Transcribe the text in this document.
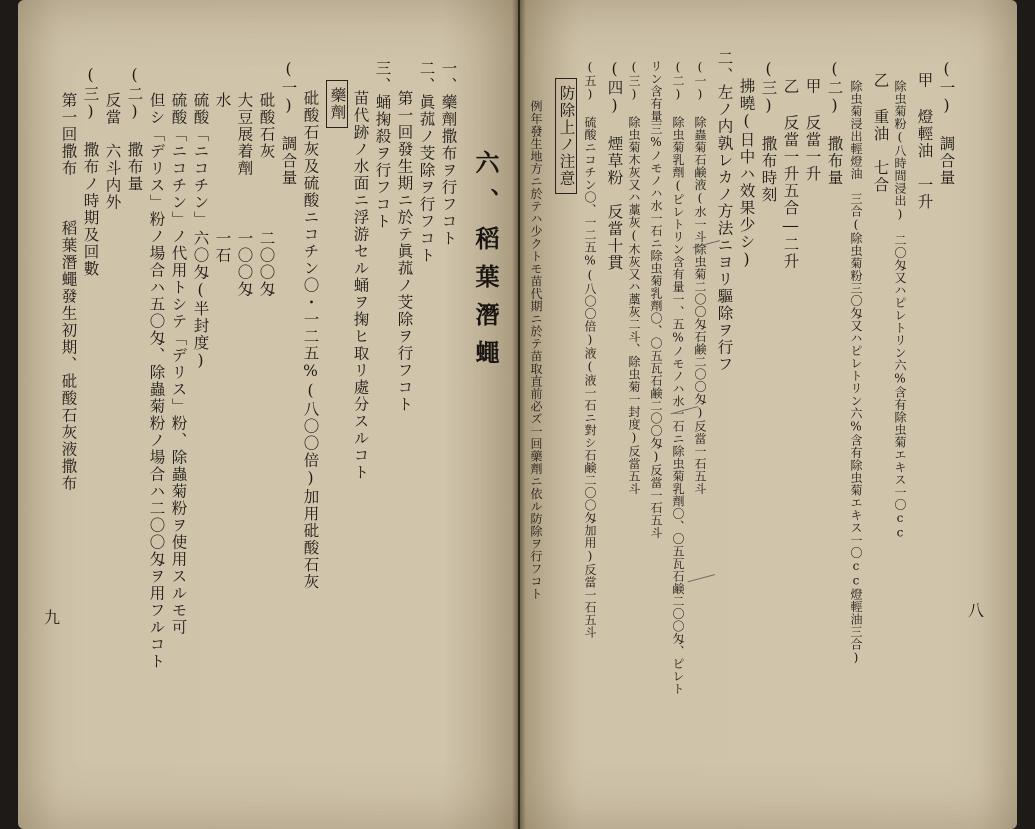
六、稻葉潛蠅
一、藥劑撒布ヲ行フコト
二、眞菰ノ芠除ヲ行フコト
第一回發生期ニ於テ眞菰ノ芠除ヲ行フコト
三、蛹掬殺ヲ行フコト
苗代跡ノ水面ニ浮游セル蛹ヲ掬ヒ取リ處分スルコト
藥劑
砒酸石灰及硫酸ニコチン〇・一二五%(八〇〇倍)加用砒酸石灰
(一) 調合量
砒酸石灰
二〇〇匁
大豆展着劑
一〇〇匁
水
一石
硫酸「ニコチン」
六〇匁(半封度)
硫酸「ニコチン」ノ代用トシテ「デリス」粉、除蟲菊粉ヲ使用スルモ可
但シ「デリス」粉ノ場合ハ五〇匁、除蟲菊粉ノ場合ハ二〇〇匁ヲ用フルコト
(二) 撒布量
反當　六斗内外
(三) 撒布ノ時期及回數
第一回撒布
稻葉潛蠅發生初期、砒酸石灰液撒布
九
(一) 調合量
甲 燈輕油　一升
除虫菊粉(八時間浸出)　二〇匁又ハピレトリン六%含有除虫菊エキス一〇cc
乙 重油　七合
除虫菊浸出輕燈油　三合(除虫菊粉三〇匁又ハピレトリン六%含有除虫菊エキス一〇cc燈輕油三合)
(二) 撒布量
甲 反當一升
乙 反當一升五合―二升
(三) 撒布時刻
拂曉(日中ハ效果少シ)
二、左ノ内孰レカノ方法ニヨリ驅除ヲ行フ
(一) 除蟲菊石鹸液(水一斗除虫菊二〇〇匁石鹸二〇〇匁)反當一石五斗
(二) 除虫菊乳劑(ピレトリン含有量一、五%ノモノハ水一石ニ除虫菊乳劑〇、〇五瓦石鹸二〇〇匁、ピレト
リン含有量三%ノモノハ水一石ニ除虫菊乳劑〇、〇五瓦石鹸二〇〇匁)反當一石五斗
(三) 除虫菊木灰又ハ藁灰(木灰又ハ藁灰二斗、除虫菊一封度)反當五斗
(四) 煙草粉　反當十貫
(五) 硫酸ニコチン〇、一二五%(八〇〇倍)液(液一石ニ對シ石鹸二〇〇匁加用)反當一石五斗
防除上ノ注意
例年發生地方ニ於テハ少クトモ苗代期ニ於テ苗取直前必ズ一回藥劑ニ依ル防除ヲ行フコト
八
